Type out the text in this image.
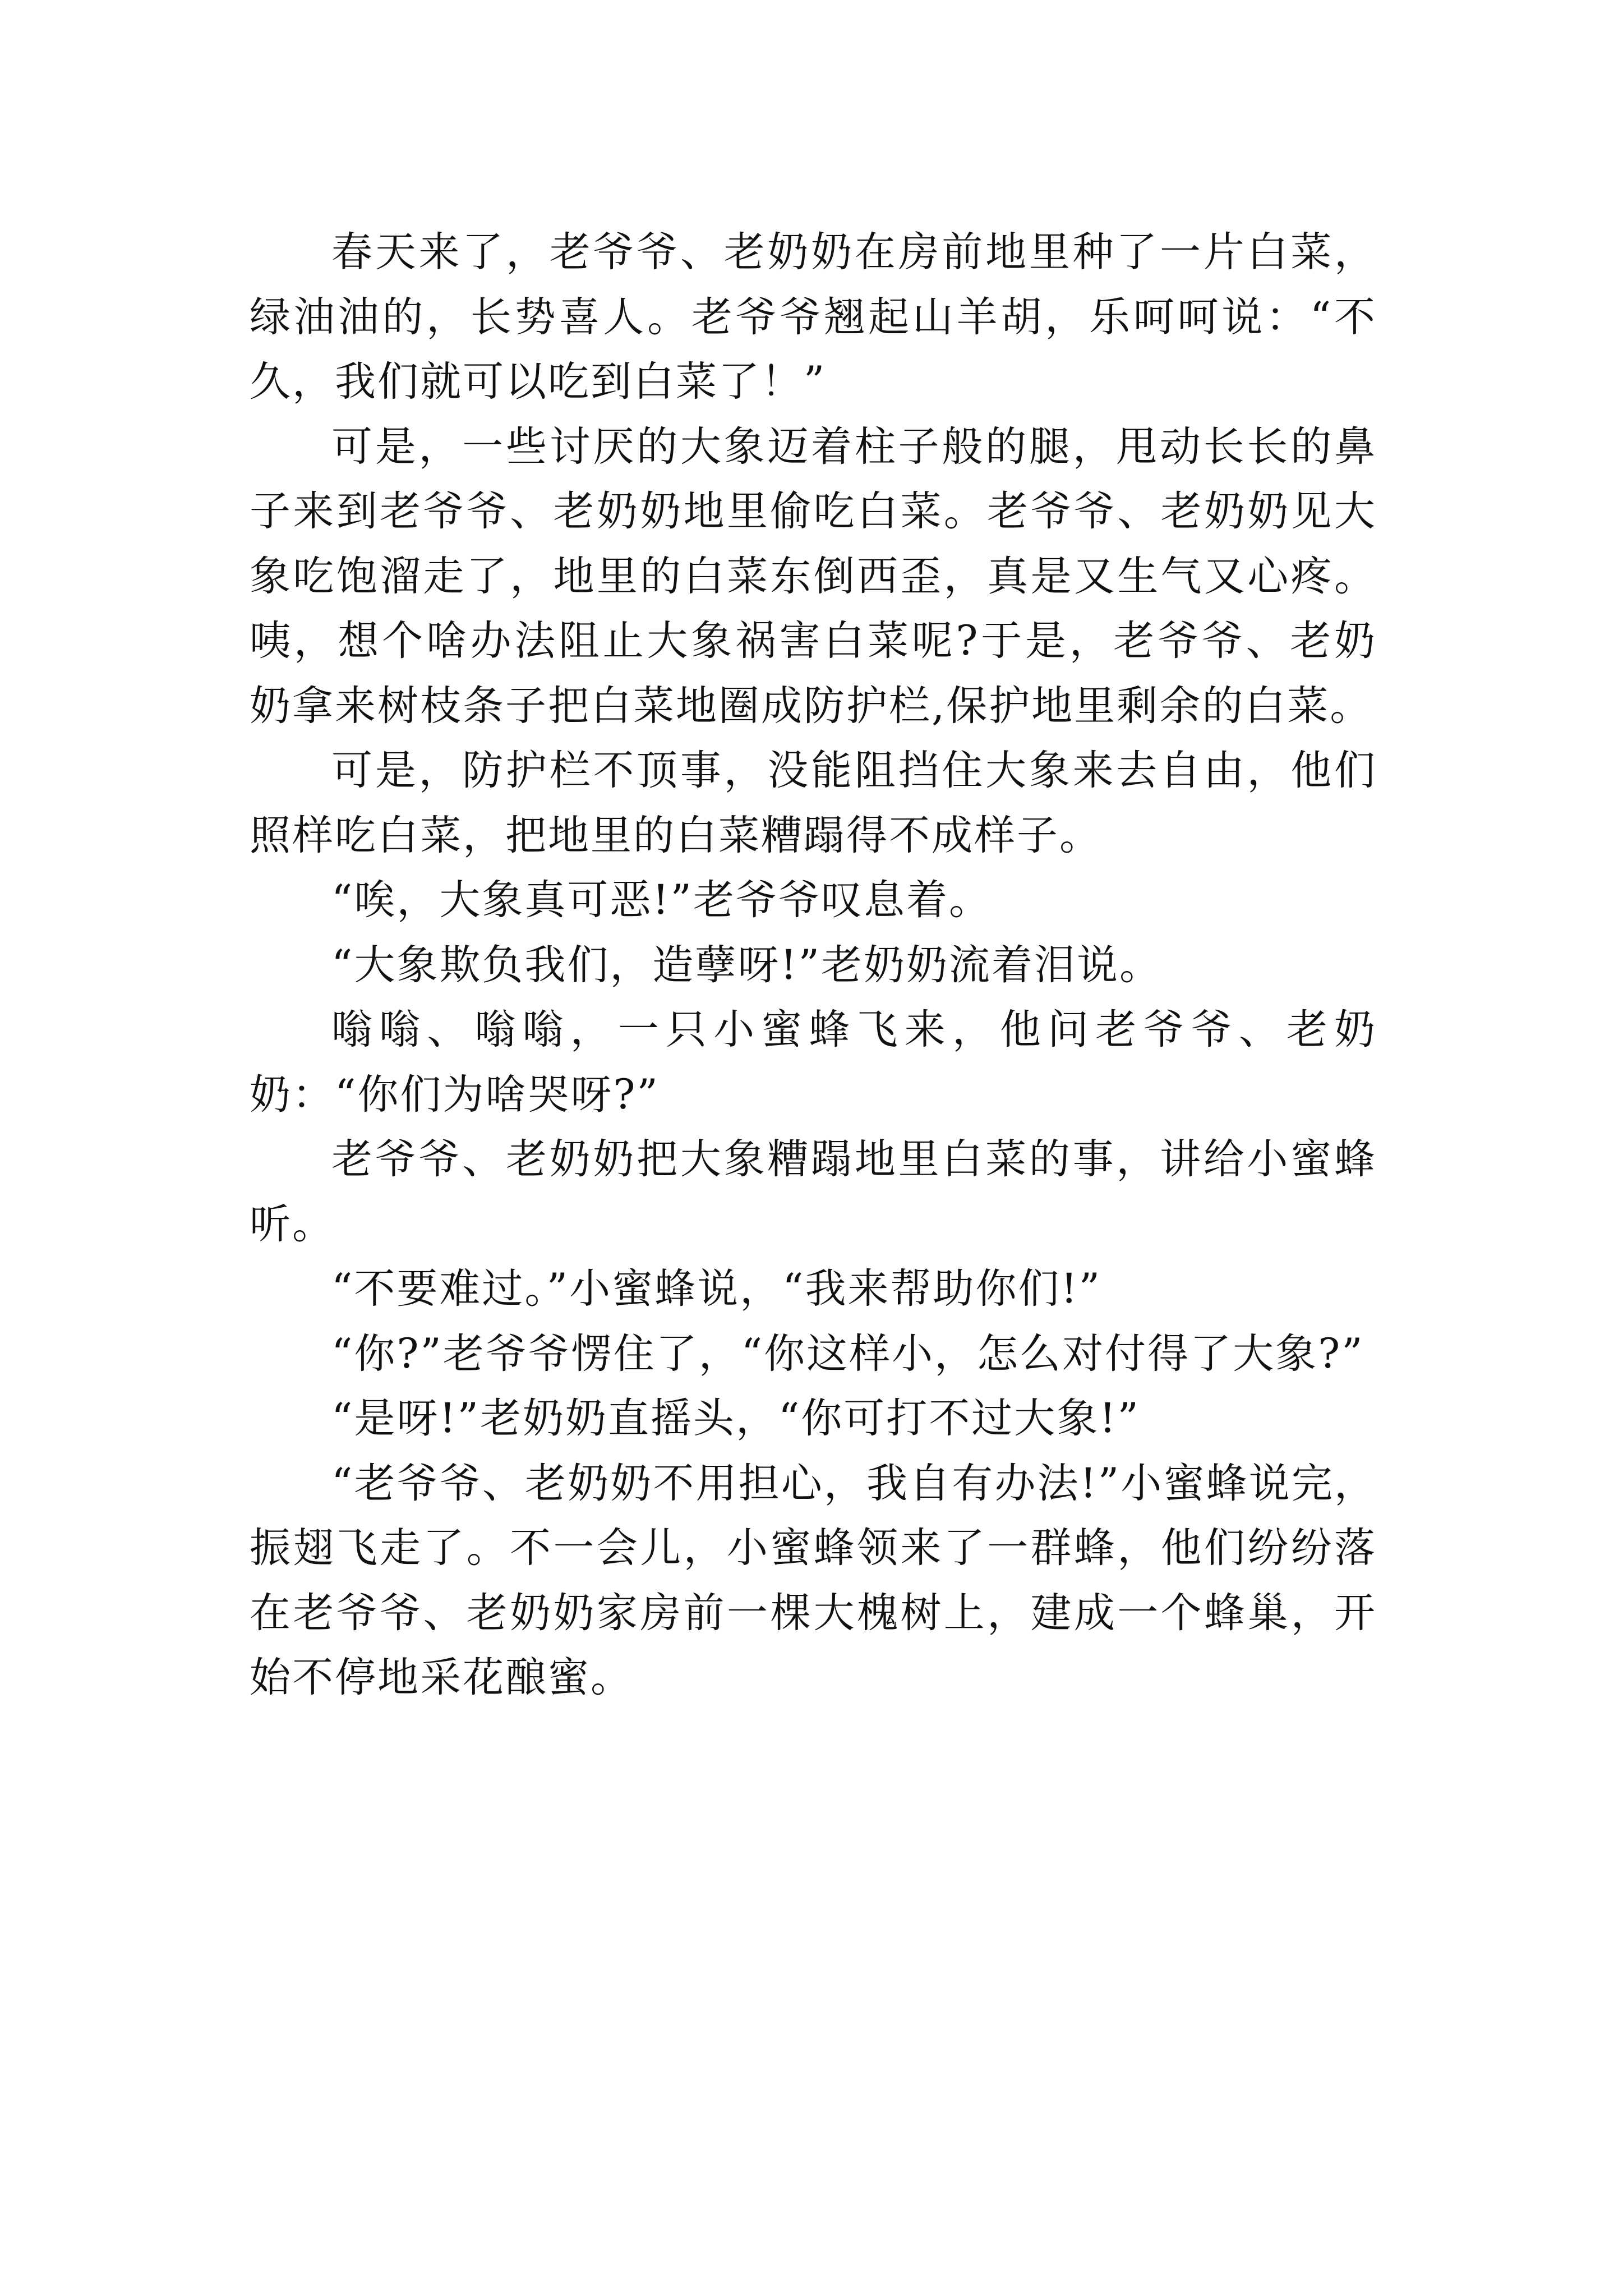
春天来了，老爷爷、老奶奶在房前地里种了一片白菜，绿油油的，长势喜人。老爷爷翘起山羊胡，乐呵呵说：“不久，我们就可以吃到白菜了！”

可是，一些讨厌的大象迈着柱子般的腿，甩动长长的鼻子来到老爷爷、老奶奶地里偷吃白菜。老爷爷、老奶奶见大象吃饱溜走了，地里的白菜东倒西歪，真是又生气又心疼。咦，想个啥办法阻止大象祸害白菜呢?于是，老爷爷、老奶奶拿来树枝条子把白菜地圈成防护栏,保护地里剩余的白菜。

可是，防护栏不顶事，没能阻挡住大象来去自由，他们照样吃白菜，把地里的白菜糟蹋得不成样子。

“唉，大象真可恶!”老爷爷叹息着。

“大象欺负我们，造孽呀!”老奶奶流着泪说。

嗡嗡、嗡嗡，一只小蜜蜂飞来，他问老爷爷、老奶奶：“你们为啥哭呀?”

老爷爷、老奶奶把大象糟蹋地里白菜的事，讲给小蜜蜂听。

“不要难过。”小蜜蜂说，“我来帮助你们!”

“你?”老爷爷愣住了，“你这样小，怎么对付得了大象?”

“是呀!”老奶奶直摇头，“你可打不过大象!”

“老爷爷、老奶奶不用担心，我自有办法!”小蜜蜂说完，振翅飞走了。不一会儿，小蜜蜂领来了一群蜂，他们纷纷落在老爷爷、老奶奶家房前一棵大槐树上，建成一个蜂巢，开始不停地采花酿蜜。
